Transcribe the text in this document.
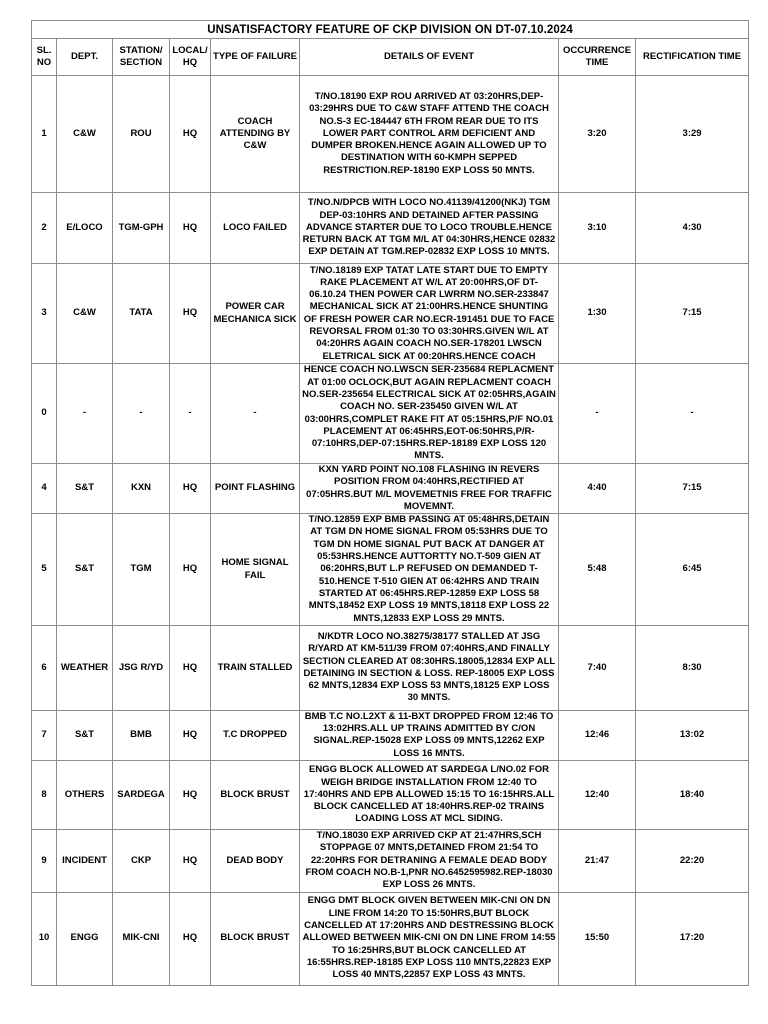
UNSATISFACTORY FEATURE OF CKP DIVISION ON DT-07.10.2024							
SL. NO	DEPT.	STATION/ SECTION	LOCAL/ HQ	TYPE OF FAILURE	DETAILS OF EVENT	OCCURRENCE TIME	RECTIFICATION TIME
1	C&W	ROU	HQ	COACH ATTENDING BY C&W	T/NO.18190 EXP ROU ARRIVED AT 03:20HRS,DEP-03:29HRS DUE TO C&W STAFF ATTEND THE COACH NO.S-3 EC-184447 6TH FROM REAR DUE TO ITS LOWER PART CONTROL ARM DEFICIENT AND DUMPER BROKEN.HENCE AGAIN ALLOWED UP TO DESTINATION WITH 60-KMPH SEPPED RESTRICTION.REP-18190 EXP LOSS 50 MNTS.	3:20	3:29
2	E/LOCO	TGM-GPH	HQ	LOCO FAILED	T/NO.N/DPCB WITH LOCO NO.41139/41200(NKJ) TGM DEP-03:10HRS AND DETAINED AFTER PASSING ADVANCE STARTER DUE TO LOCO TROUBLE.HENCE RETURN BACK AT TGM M/L AT 04:30HRS,HENCE 02832 EXP DETAIN AT TGM.REP-02832 EXP LOSS 10 MNTS.	3:10	4:30
3	C&W	TATA	HQ	POWER CAR MECHANICA SICK	T/NO.18189 EXP TATAT LATE START DUE TO EMPTY RAKE PLACEMENT AT W/L AT 20:00HRS,OF DT-06.10.24 THEN POWER CAR LWRRM NO.SER-233847 MECHANICAL SICK AT 21:00HRS.HENCE SHUNTING OF FRESH POWER CAR NO.ECR-191451 DUE TO FACE REVORSAL FROM 01:30 TO 03:30HRS.GIVEN W/L AT 04:20HRS AGAIN COACH NO.SER-178201 LWSCN ELETRICAL SICK AT 00:20HRS.HENCE COACH	1:30	7:15
0	-	-	-	-	HENCE COACH NO.LWSCN SER-235684 REPLACMENT AT 01:00 OCLOCK,BUT AGAIN REPLACMENT COACH NO.SER-235654 ELECTRICAL SICK AT 02:05HRS,AGAIN COACH NO. SER-235450 GIVEN W/L AT 03:00HRS,COMPLET RAKE FIT AT 05:15HRS,P/F NO.01 PLACEMENT AT 06:45HRS,EOT-06:50HRS,P/R-07:10HRS,DEP-07:15HRS.REP-18189 EXP LOSS 120 MNTS.	-	-
4	S&T	KXN	HQ	POINT FLASHING	KXN YARD POINT NO.108 FLASHING IN REVERS POSITION FROM 04:40HRS,RECTIFIED AT 07:05HRS.BUT M/L MOVEMETNIS FREE FOR TRAFFIC MOVEMNT.	4:40	7:15
5	S&T	TGM	HQ	HOME SIGNAL FAIL	T/NO.12859 EXP BMB PASSING AT 05:48HRS,DETAIN AT TGM DN HOME SIGNAL FROM 05:53HRS DUE TO TGM DN HOME SIGNAL PUT BACK AT DANGER AT 05:53HRS.HENCE AUTTORTTY NO.T-509 GIEN AT 06:20HRS,BUT L.P REFUSED ON DEMANDED T-510.HENCE T-510 GIEN AT 06:42HRS AND TRAIN STARTED AT 06:45HRS.REP-12859 EXP LOSS 58 MNTS,18452 EXP LOSS 19 MNTS,18118 EXP LOSS 22 MNTS,12833 EXP LOSS 29 MNTS.	5:48	6:45
6	WEATHER	JSG R/YD	HQ	TRAIN STALLED	N/KDTR LOCO NO.38275/38177 STALLED AT JSG R/YARD AT KM-511/39 FROM 07:40HRS,AND FINALLY SECTION CLEARED AT 08:30HRS.18005,12834 EXP ALL DETAINING IN SECTION & LOSS. REP-18005 EXP LOSS 62 MNTS,12834 EXP LOSS 53 MNTS,18125 EXP LOSS 30 MNTS.	7:40	8:30
7	S&T	BMB	HQ	T.C DROPPED	BMB T.C NO.L2XT & 11-BXT DROPPED FROM 12:46 TO 13:02HRS.ALL UP TRAINS ADMITTED BY C/ON SIGNAL.REP-15028 EXP LOSS 09 MNTS,12262 EXP LOSS 16 MNTS.	12:46	13:02
8	OTHERS	SARDEGA	HQ	BLOCK BRUST	ENGG BLOCK ALLOWED AT SARDEGA L/NO.02 FOR WEIGH BRIDGE INSTALLATION FROM 12:40 TO 17:40HRS AND EPB ALLOWED 15:15 TO 16:15HRS.ALL BLOCK CANCELLED AT 18:40HRS.REP-02 TRAINS LOADING LOSS AT MCL SIDING.	12:40	18:40
9	INCIDENT	CKP	HQ	DEAD BODY	T/NO.18030 EXP ARRIVED CKP AT 21:47HRS,SCH STOPPAGE 07 MNTS,DETAINED FROM 21:54 TO 22:20HRS FOR DETRANING A FEMALE DEAD BODY FROM COACH NO.B-1,PNR NO.6452595982.REP-18030 EXP LOSS 26 MNTS.	21:47	22:20
10	ENGG	MIK-CNI	HQ	BLOCK BRUST	ENGG DMT BLOCK GIVEN BETWEEN MIK-CNI ON DN LINE FROM 14:20 TO 15:50HRS,BUT BLOCK CANCELLED AT 17:20HRS AND DESTRESSING BLOCK ALLOWED BETWEEN MIK-CNI ON DN LINE FROM 14:55 TO 16:25HRS,BUT BLOCK CANCELLED AT 16:55HRS.REP-18185 EXP LOSS 110 MNTS,22823 EXP LOSS 40 MNTS,22857 EXP LOSS 43 MNTS.	15:50	17:20
